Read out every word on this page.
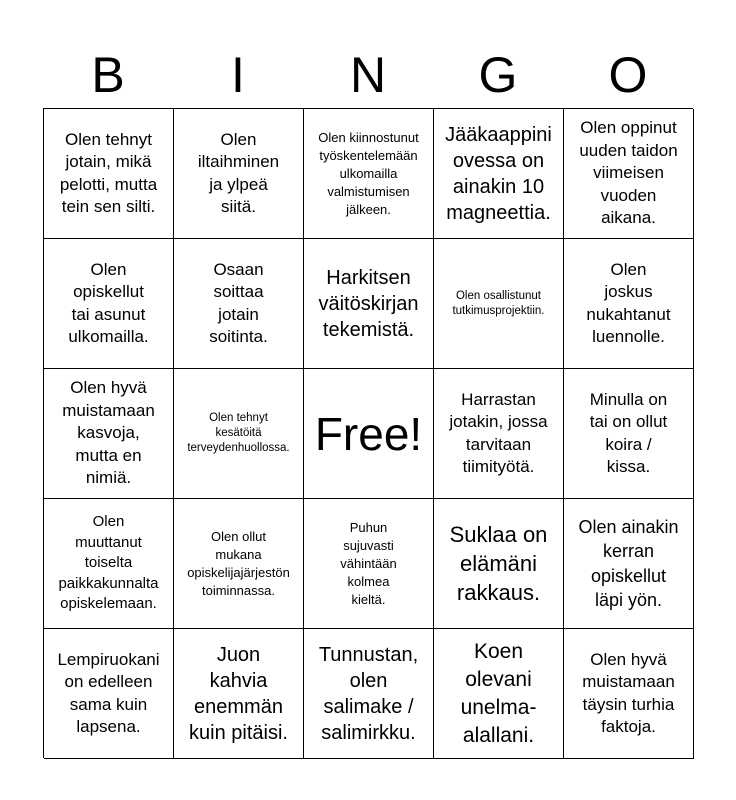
B	I	N	G	O
Olen tehnyt
jotain, mikä
pelotti, mutta
tein sen silti.
Olen
iltaihminen
ja ylpeä
siitä.
Olen kiinnostunut
työskentelemään
ulkomailla
valmistumisen
jälkeen.
Jääkaappini
ovessa on
ainakin 10
magneettia.
Olen oppinut
uuden taidon
viimeisen
vuoden
aikana.
Olen
opiskellut
tai asunut
ulkomailla.
Osaan
soittaa
jotain
soitinta.
Harkitsen
väitöskirjan
tekemistä.
Olen osallistunut
tutkimusprojektiin.
Olen
joskus
nukahtanut
luennolle.
Olen hyvä
muistamaan
kasvoja,
mutta en
nimiä.
Olen tehnyt
kesätöitä
terveydenhuollossa. Free!
Harrastan
jotakin, jossa
tarvitaan
tiimityötä.
Minulla on
tai on ollut
koira /
kissa.
Olen
muuttanut
toiselta
paikkakunnalta
opiskelemaan.
Olen ollut
mukana
opiskelijajärjestön
toiminnassa.
Puhun
sujuvasti
vähintään
kolmea
kieltä.
Suklaa on
elämäni
rakkaus.
Olen ainakin
kerran
opiskellut
läpi yön.
Lempiruokani
on edelleen
sama kuin
lapsena.
Juon
kahvia
enemmän
kuin pitäisi.
Tunnustan,
olen
salimake /
salimirkku.
Koen
olevani
unelma-
alallani.
Olen hyvä
muistamaan
täysin turhia
faktoja.
